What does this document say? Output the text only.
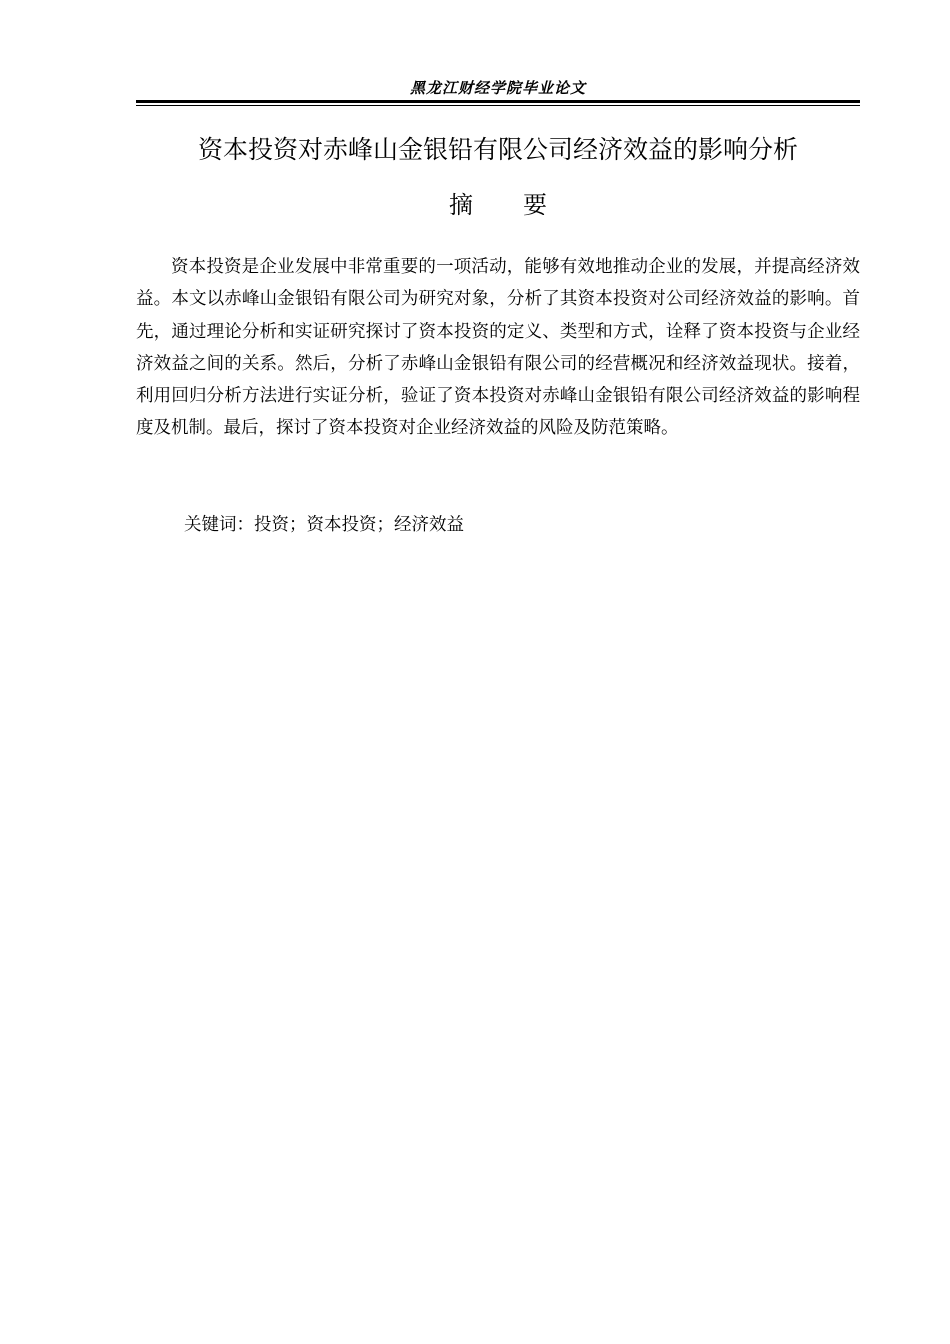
黑龙江财经学院毕业论文
资本投资对赤峰山金银铅有限公司经济效益的影响分析
摘要

资本投资是企业发展中非常重要的一项活动，能够有效地推动企业的发展，并提高经济效益。本文以赤峰山金银铅有限公司为研究对象，分析了其资本投资对公司经济效益的影响。首先，通过理论分析和实证研究探讨了资本投资的定义、类型和方式，诠释了资本投资与企业经济效益之间的关系。然后，分析了赤峰山金银铅有限公司的经营概况和经济效益现状。接着，利用回归分析方法进行实证分析，验证了资本投资对赤峰山金银铅有限公司经济效益的影响程度及机制。最后，探讨了资本投资对企业经济效益的风险及防范策略。

关键词：投资；资本投资；经济效益
